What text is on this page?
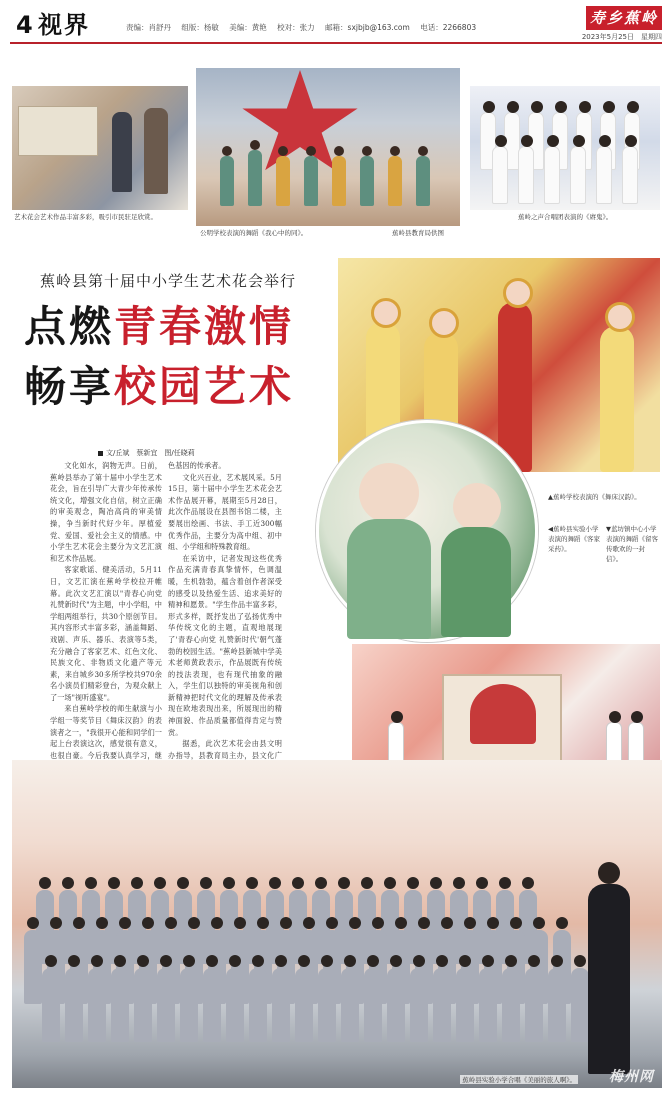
4 视界	责编：肖舒丹 组版：杨敏 美编：黄艳 校对：张力 邮箱：sxjbjb@163.com 电话：2266803
寿乡蕉岭
2023年5月25日　星期四
艺术花会艺术作品丰富多彩，吸引市民驻足欣赏。
公明学校表演的舞蹈《我心中的同》。	蕉岭县教育局供图
蕉岭之声合唱团表演的《赓鬼》。
蕉岭县第十届中小学生艺术花会举行
点燃青春激情
畅享校园艺术
▲蕉岭学校表演的《舞床汉韵》。
◀蕉岭县实验小学表演的舞蹈《客家采药》。
▼蓝坊镇中心小学表演的舞蹈《留客传歌欢的一封信》。
文/丘斌　蔡新宜　图/任晓莉

文化如水，润物无声。日前，蕉岭县举办了第十届中小学生艺术花会，旨在引导广大青少年传承传统文化，增强文化自信，树立正确的审美观念，陶冶高尚的审美情操，争当新时代好少年。厚植爱党、爱国、爱社会主义的情感。中小学生艺术花会主要分为文艺汇演和艺术作品展。

客家歌谣、健美活动，5月11日，文艺汇演在蕉岭学校拉开帷幕。此次文艺汇演以"青春心向党 礼赞新时代"为主题，中小学组，中学组两组举行，共30个原创节目。其内容形式丰富多彩，涵盖舞蹈、戏剧、声乐、器乐、表演等5类，充分融合了客家艺术、红色文化、民族文化、非物质文化遗产等元素，来自城乡30多所学校共970余名小演员们精彩登台，为观众献上了一场"视听盛宴"。

来自蕉岭学校的师生献演与小学组一等奖节目《舞床汉韵》的表演者之一，"我很开心能和同学们一起上台表演这次，感觉很有意义，也很自豪。今后我要认真学习，继

色基因的传承者。

文化兴百业，艺术展风采。5月15日，第十届中小学生艺术花会艺术作品展开幕，展期至5月28日，此次作品展设在县图书馆二楼，主要展出绘画、书法、手工近300幅优秀作品，主要分为高中组、初中组、小学组和特殊教育组。

在采访中，记者发现这些优秀作品充满青春真挚情怀，色调温暖，生机勃勃，蕴含着创作者深受的感受以及热爱生活、追求美好的精神和愿景。"学生作品丰富多彩，形式多样，既抒发出了弘扬优秀中华传统文化的主题，直观地展现了'青春心向党 礼赞新时代'朝气蓬勃的校园生活。"蕉岭县新城中学美术老师黄政表示，作品展既有传统的技法表现，也有现代抽象的融入，学生们以独特的审美视角和创新精神把时代文化的理解及传承表现在欧地表现出来，所展现出的精神面貌、作品质量都值得肯定与赞赏。

据悉，此次艺术花会由县文明办指导，县教育局主办，县文化广

蕉岭县实验小学合唱《美丽的旅人啊》。 梅州网
